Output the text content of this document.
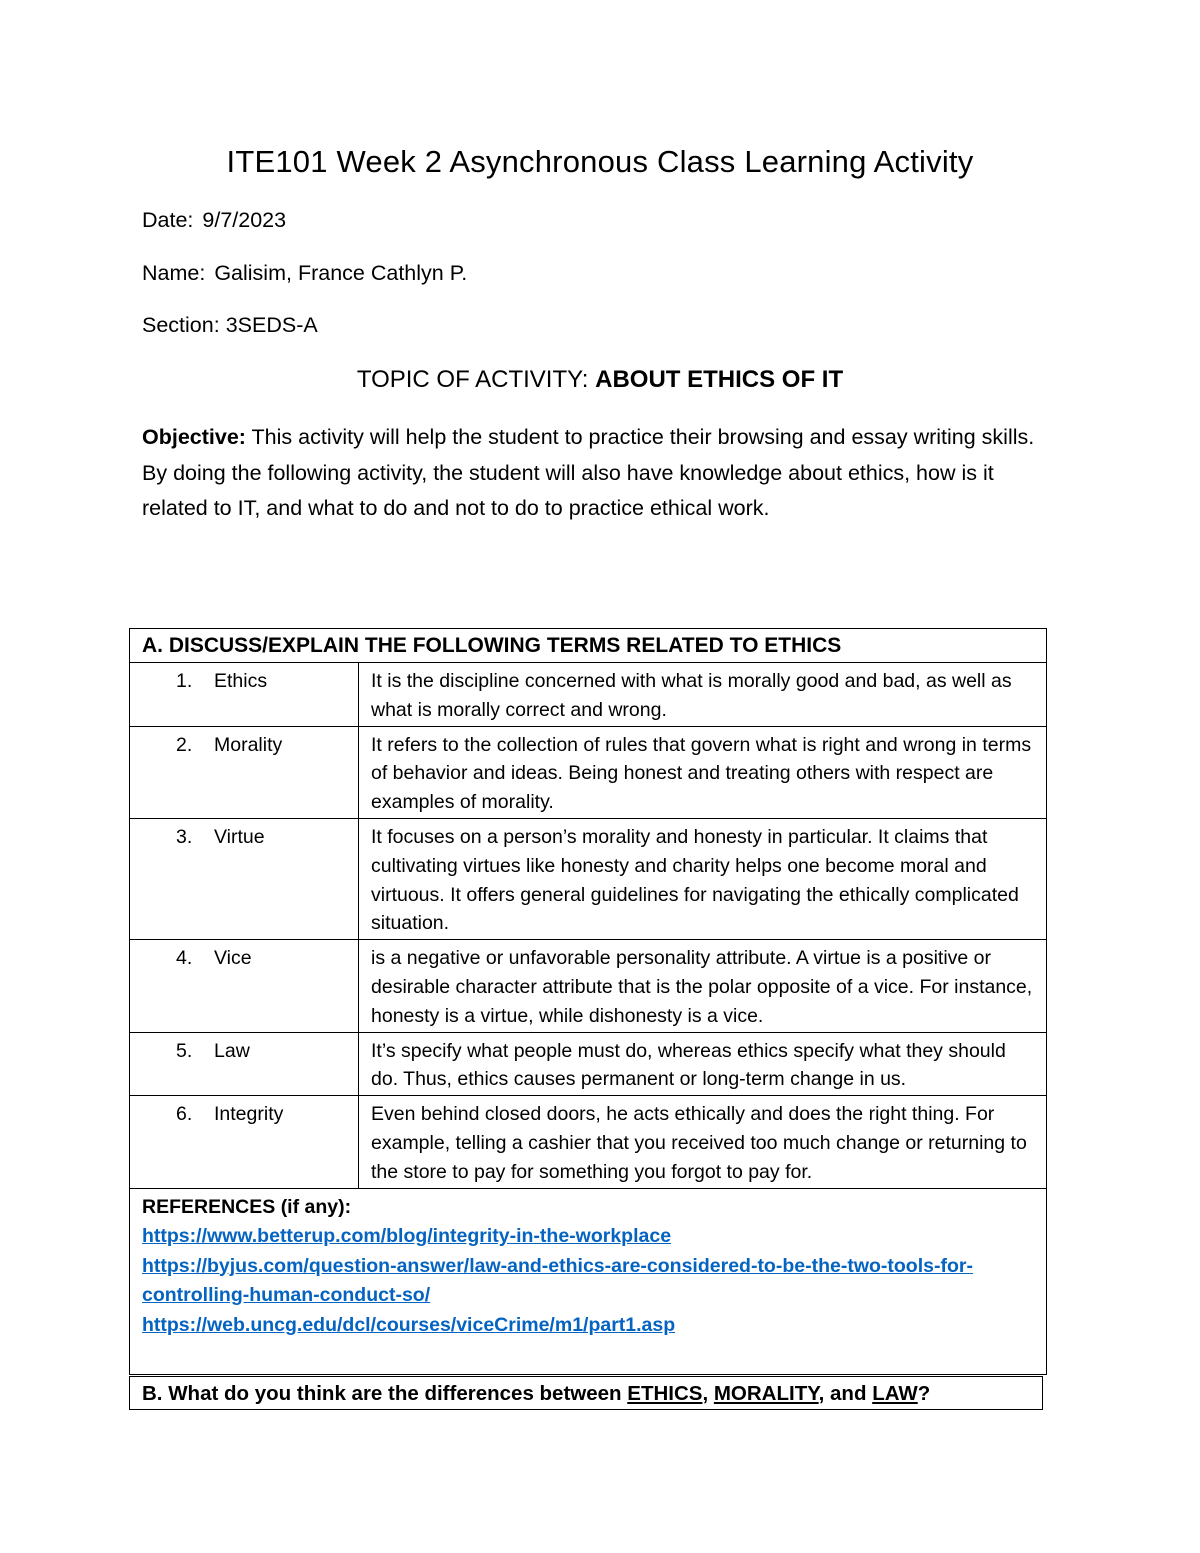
ITE101 Week 2 Asynchronous Class Learning Activity
Date: 9/7/2023
Name: Galisim, France Cathlyn P.
Section: 3SEDS-A
TOPIC OF ACTIVITY: ABOUT ETHICS OF IT
Objective: This activity will help the student to practice their browsing and essay writing skills. By doing the following activity, the student will also have knowledge about ethics, how is it related to IT, and what to do and not to do to practice ethical work.
A. DISCUSS/EXPLAIN THE FOLLOWING TERMS RELATED TO ETHICS	

1. Ethics	It is the discipline concerned with what is morally good and bad, as well as what is morally correct and wrong.

2. Morality	It refers to the collection of rules that govern what is right and wrong in terms of behavior and ideas. Being honest and treating others with respect are examples of morality.

3. Virtue	It focuses on a person’s morality and honesty in particular. It claims that cultivating virtues like honesty and charity helps one become moral and virtuous. It offers general guidelines for navigating the ethically complicated situation.

4. Vice	is a negative or unfavorable personality attribute. A virtue is a positive or desirable character attribute that is the polar opposite of a vice. For instance, honesty is a virtue, while dishonesty is a vice.

5. Law	It’s specify what people must do, whereas ethics specify what they should do. Thus, ethics causes permanent or long-term change in us.

6. Integrity	Even behind closed doors, he acts ethically and does the right thing. For example, telling a cashier that you received too much change or returning to the store to pay for something you forgot to pay for.

REFERENCES (if any):
https://www.betterup.com/blog/integrity-in-the-workplace
https://byjus.com/question-answer/law-and-ethics-are-considered-to-be-the-two-tools-for-controlling-human-conduct-so/
https://web.uncg.edu/dcl/courses/viceCrime/m1/part1.asp	
B. What do you think are the differences between ETHICS, MORALITY, and LAW?
